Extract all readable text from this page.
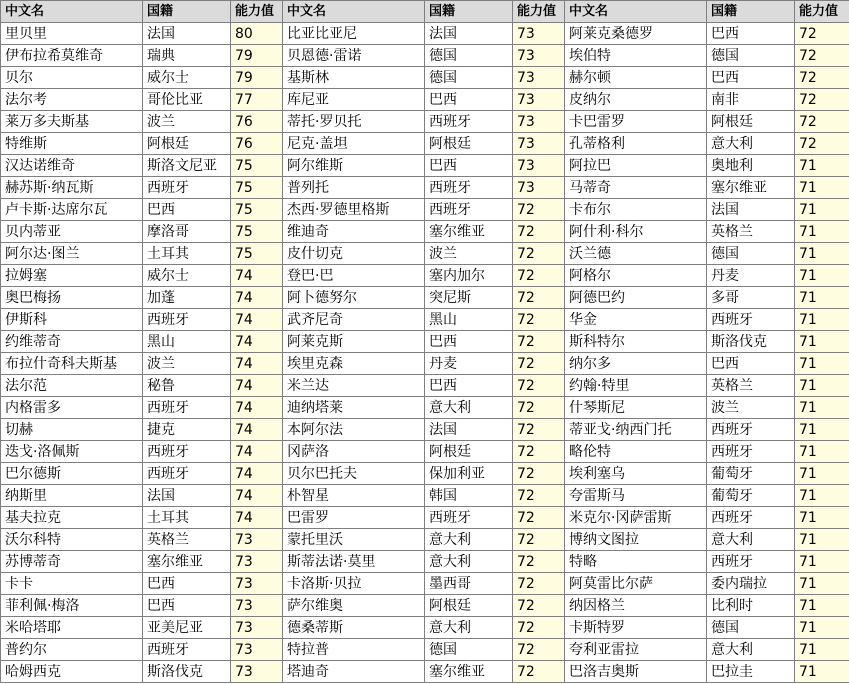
中文名	国籍	能力值	中文名	国籍	能力值	中文名	国籍	能力值
里贝里	法国	80	比亚比亚尼	法国	73	阿莱克桑德罗	巴西	72
伊布拉希莫维奇	瑞典	79	贝恩德·雷诺	德国	73	埃伯特	德国	72
贝尔	威尔士	79	基斯林	德国	73	赫尔顿	巴西	72
法尔考	哥伦比亚	77	库尼亚	巴西	73	皮纳尔	南非	72
莱万多夫斯基	波兰	76	蒂托·罗贝托	西班牙	73	卡巴雷罗	阿根廷	72
特维斯	阿根廷	76	尼克·盖坦	阿根廷	73	孔蒂格利	意大利	72
汉达诺维奇	斯洛文尼亚	75	阿尔维斯	巴西	73	阿拉巴	奥地利	71
赫苏斯·纳瓦斯	西班牙	75	普列托	西班牙	73	马蒂奇	塞尔维亚	71
卢卡斯·达席尔瓦	巴西	75	杰西·罗德里格斯	西班牙	72	卡布尔	法国	71
贝内蒂亚	摩洛哥	75	维迪奇	塞尔维亚	72	阿什利·科尔	英格兰	71
阿尔达·图兰	土耳其	75	皮什切克	波兰	72	沃兰德	德国	71
拉姆塞	威尔士	74	登巴·巴	塞内加尔	72	阿格尔	丹麦	71
奥巴梅扬	加蓬	74	阿卜德努尔	突尼斯	72	阿德巴约	多哥	71
伊斯科	西班牙	74	武齐尼奇	黑山	72	华金	西班牙	71
约维蒂奇	黑山	74	阿莱克斯	巴西	72	斯科特尔	斯洛伐克	71
布拉什奇科夫斯基	波兰	74	埃里克森	丹麦	72	纳尔多	巴西	71
法尔范	秘鲁	74	米兰达	巴西	72	约翰·特里	英格兰	71
内格雷多	西班牙	74	迪纳塔莱	意大利	72	什琴斯尼	波兰	71
切赫	捷克	74	本阿尔法	法国	72	蒂亚戈·纳西门托	西班牙	71
迭戈·洛佩斯	西班牙	74	冈萨洛	阿根廷	72	略伦特	西班牙	71
巴尔德斯	西班牙	74	贝尔巴托夫	保加利亚	72	埃利塞乌	葡萄牙	71
纳斯里	法国	74	朴智星	韩国	72	夸雷斯马	葡萄牙	71
基夫拉克	土耳其	74	巴雷罗	西班牙	72	米克尔·冈萨雷斯	西班牙	71
沃尔科特	英格兰	73	蒙托里沃	意大利	72	博纳文图拉	意大利	71
苏博蒂奇	塞尔维亚	73	斯蒂法诺·莫里	意大利	72	特略	西班牙	71
卡卡	巴西	73	卡洛斯·贝拉	墨西哥	72	阿莫雷比尔萨	委内瑞拉	71
菲利佩·梅洛	巴西	73	萨尔维奥	阿根廷	72	纳因格兰	比利时	71
米哈塔耶	亚美尼亚	73	德桑蒂斯	意大利	72	卡斯特罗	德国	71
普约尔	西班牙	73	特拉普	德国	72	夸利亚雷拉	意大利	71
哈姆西克	斯洛伐克	73	塔迪奇	塞尔维亚	72	巴洛吉奥斯	巴拉圭	71
